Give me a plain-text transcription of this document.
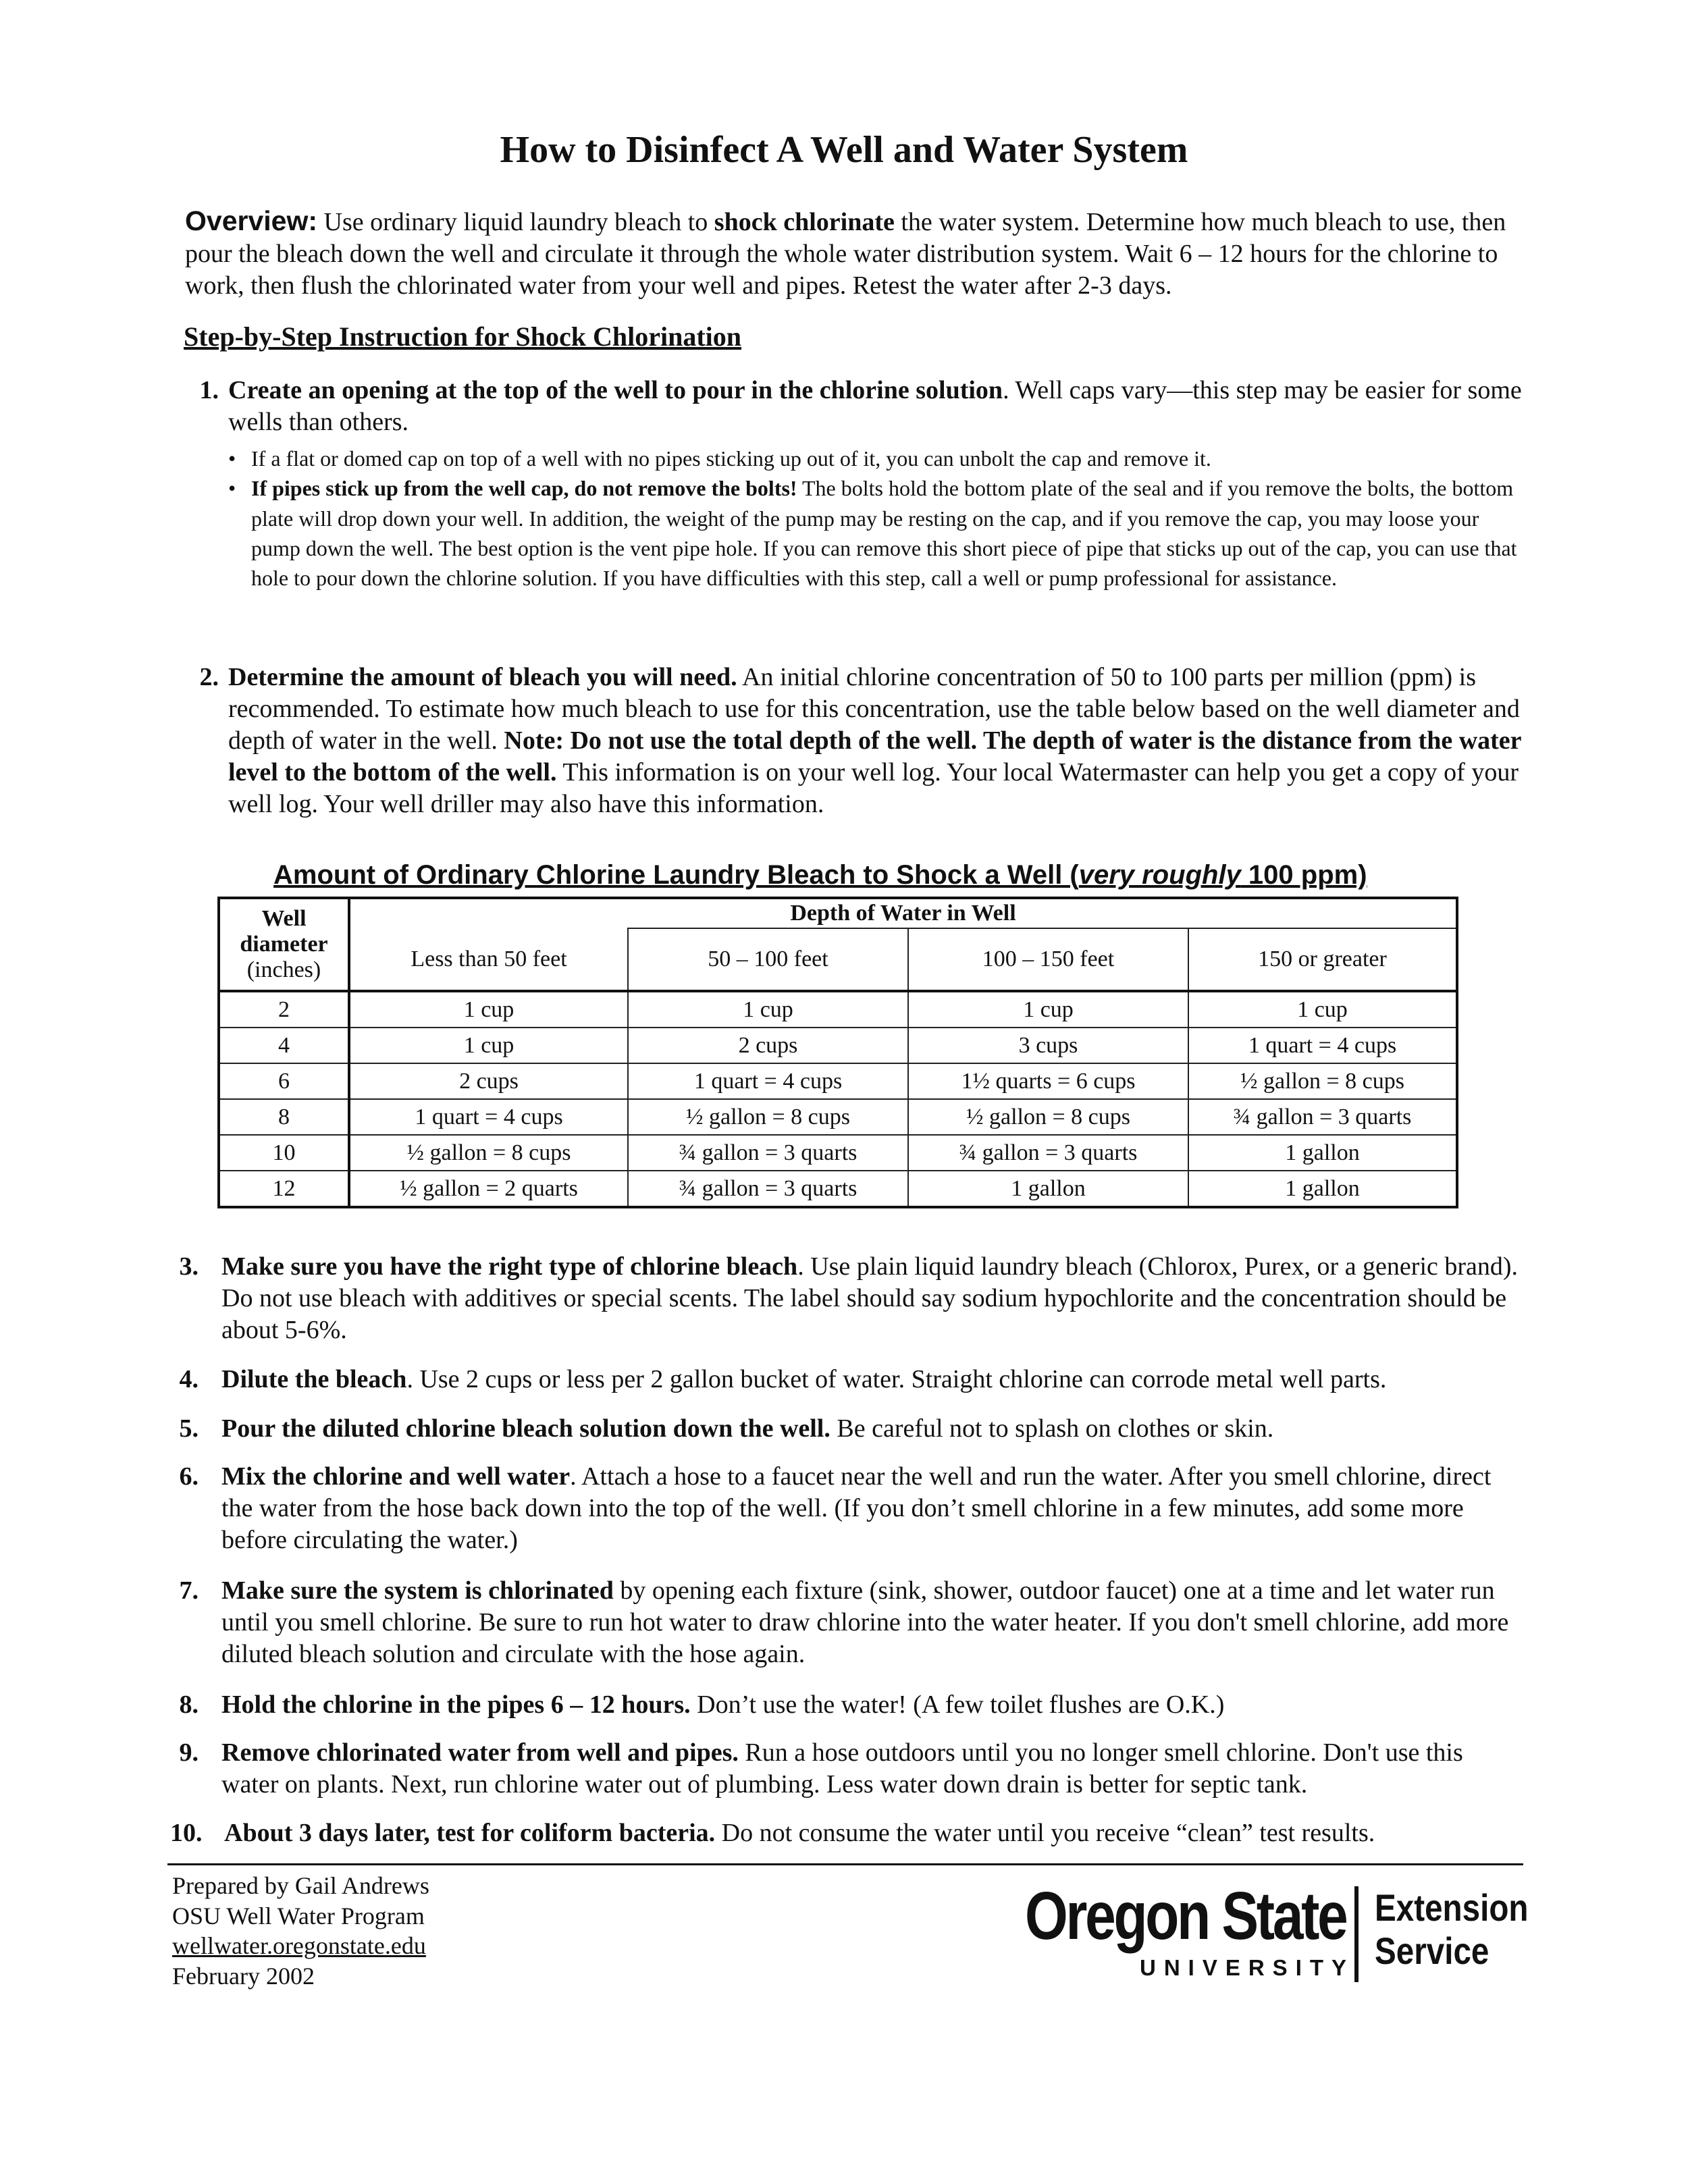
How to Disinfect A Well and Water System

Overview: Use ordinary liquid laundry bleach to shock chlorinate the water system. Determine how much bleach to use, then pour the bleach down the well and circulate it through the whole water distribution system. Wait 6 – 12 hours for the chlorine to work, then flush the chlorinated water from your well and pipes. Retest the water after 2-3 days.

Step-by-Step Instruction for Shock Chlorination
1. Create an opening at the top of the well to pour in the chlorine solution. Well caps vary—this step may be easier for some wells than others.
• If a flat or domed cap on top of a well with no pipes sticking up out of it, you can unbolt the cap and remove it.
• If pipes stick up from the well cap, do not remove the bolts! The bolts hold the bottom plate of the seal and if you remove the bolts, the bottom plate will drop down your well. In addition, the weight of the pump may be resting on the cap, and if you remove the cap, you may loose your pump down the well. The best option is the vent pipe hole. If you can remove this short piece of pipe that sticks up out of the cap, you can use that hole to pour down the chlorine solution. If you have difficulties with this step, call a well or pump professional for assistance.
2. Determine the amount of bleach you will need. An initial chlorine concentration of 50 to 100 parts per million (ppm) is recommended. To estimate how much bleach to use for this concentration, use the table below based on the well diameter and depth of water in the well. Note: Do not use the total depth of the well. The depth of water is the distance from the water level to the bottom of the well. This information is on your well log. Your local Watermaster can help you get a copy of your well log. Your well driller may also have this information.

Amount of Ordinary Chlorine Laundry Bleach to Shock a Well (very roughly 100 ppm)

Well
diameter
(inches)	Depth of Water in Well			
	Less than 50 feet	50 – 100 feet	100 – 150 feet	150 or greater
2	1 cup	1 cup	1 cup	1 cup
4	1 cup	2 cups	3 cups	1 quart = 4 cups
6	2 cups	1 quart = 4 cups	1½ quarts = 6 cups	½ gallon = 8 cups
8	1 quart = 4 cups	½ gallon = 8 cups	½ gallon = 8 cups	¾ gallon = 3 quarts
10	½ gallon = 8 cups	¾ gallon = 3 quarts	¾ gallon = 3 quarts	1 gallon
12	½ gallon = 2 quarts	¾ gallon = 3 quarts	1 gallon	1 gallon
3. Make sure you have the right type of chlorine bleach. Use plain liquid laundry bleach (Chlorox, Purex, or a generic brand). Do not use bleach with additives or special scents. The label should say sodium hypochlorite and the concentration should be about 5-6%.
4. Dilute the bleach. Use 2 cups or less per 2 gallon bucket of water. Straight chlorine can corrode metal well parts.
5. Pour the diluted chlorine bleach solution down the well. Be careful not to splash on clothes or skin.
6. Mix the chlorine and well water. Attach a hose to a faucet near the well and run the water. After you smell chlorine, direct the water from the hose back down into the top of the well. (If you don’t smell chlorine in a few minutes, add some more before circulating the water.)
7. Make sure the system is chlorinated by opening each fixture (sink, shower, outdoor faucet) one at a time and let water run until you smell chlorine. Be sure to run hot water to draw chlorine into the water heater. If you don't smell chlorine, add more diluted bleach solution and circulate with the hose again.
8. Hold the chlorine in the pipes 6 – 12 hours. Don’t use the water! (A few toilet flushes are O.K.)
9. Remove chlorinated water from well and pipes. Run a hose outdoors until you no longer smell chlorine. Don't use this water on plants. Next, run chlorine water out of plumbing. Less water down drain is better for septic tank.
10. About 3 days later, test for coliform bacteria. Do not consume the water until you receive “clean” test results.
Prepared by Gail Andrews
OSU Well Water Program
wellwater.oregonstate.edu
February 2002
Oregon State
UNIVERSITY
Extension
Service
